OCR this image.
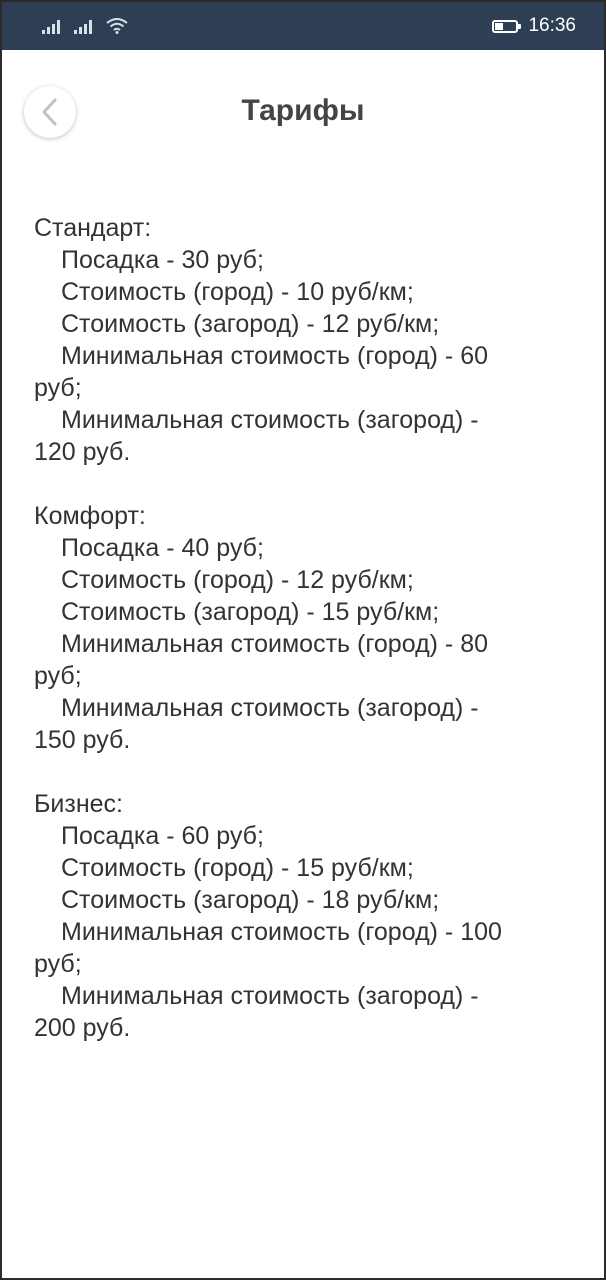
16:36
Тарифы
Стандарт:
Посадка - 30 руб;
Стоимость (город) - 10 руб/км;
Стоимость (загород) - 12 руб/км;
Минимальная стоимость (город) - 60
руб;
Минимальная стоимость (загород) -
120 руб.
Комфорт:
Посадка - 40 руб;
Стоимость (город) - 12 руб/км;
Стоимость (загород) - 15 руб/км;
Минимальная стоимость (город) - 80
руб;
Минимальная стоимость (загород) -
150 руб.
Бизнес:
Посадка - 60 руб;
Стоимость (город) - 15 руб/км;
Стоимость (загород) - 18 руб/км;
Минимальная стоимость (город) - 100
руб;
Минимальная стоимость (загород) -
200 руб.
